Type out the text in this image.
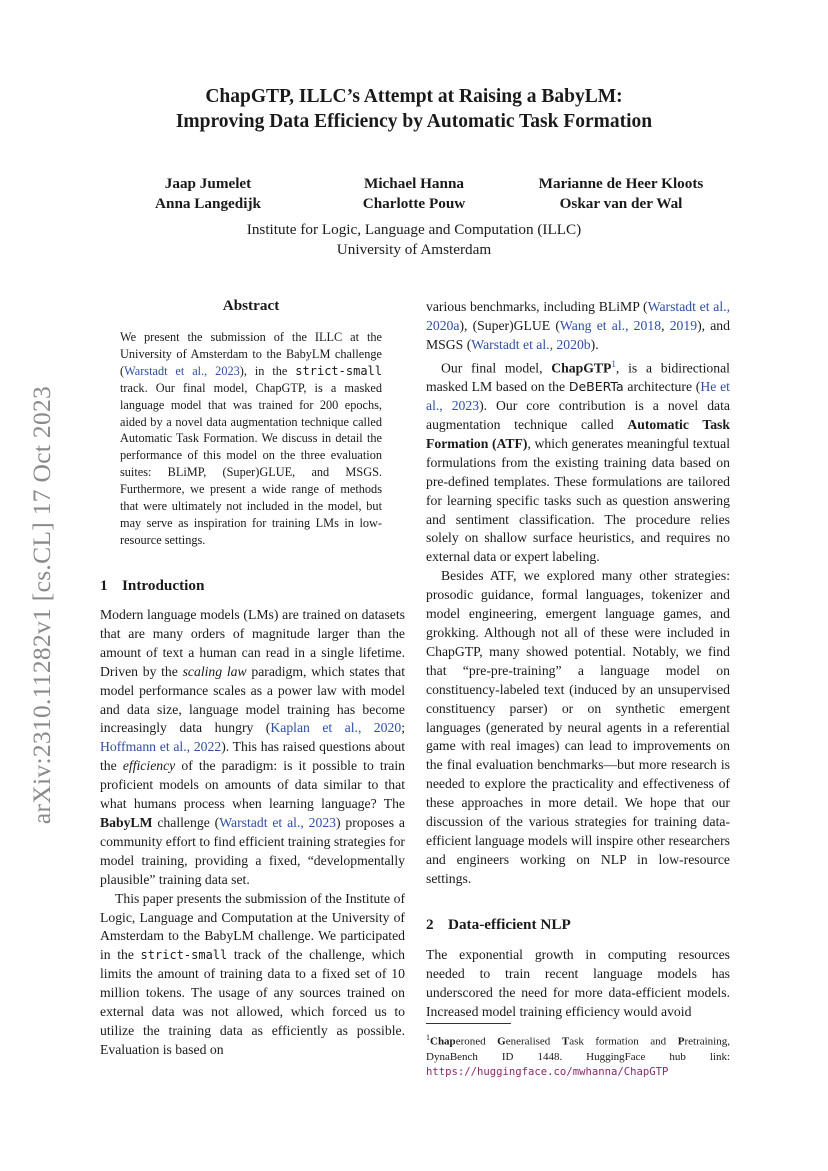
ChapGTP, ILLC’s Attempt at Raising a BabyLM:
Improving Data Efficiency by Automatic Task Formation
Jaap Jumelet
Anna Langedijk
Michael Hanna
Charlotte Pouw
Marianne de Heer Kloots
Oskar van der Wal
Institute for Logic, Language and Computation (ILLC)
University of Amsterdam
arXiv:2310.11282v1 [cs.CL] 17 Oct 2023
Abstract

We present the submission of the ILLC at the University of Amsterdam to the BabyLM challenge (Warstadt et al., 2023), in the strict-small track. Our final model, ChapGTP, is a masked language model that was trained for 200 epochs, aided by a novel data augmentation technique called Automatic Task Formation. We discuss in detail the performance of this model on the three evaluation suites: BLiMP, (Super)GLUE, and MSGS. Furthermore, we present a wide range of methods that were ultimately not included in the model, but may serve as inspiration for training LMs in low-resource settings.

1 Introduction

Modern language models (LMs) are trained on datasets that are many orders of magnitude larger than the amount of text a human can read in a single lifetime. Driven by the scaling law paradigm, which states that model performance scales as a power law with model and data size, language model training has become increasingly data hungry (Kaplan et al., 2020; Hoffmann et al., 2022). This has raised questions about the efficiency of the paradigm: is it possible to train proficient models on amounts of data similar to that what humans process when learning language? The BabyLM challenge (Warstadt et al., 2023) proposes a community effort to find efficient training strategies for model training, providing a fixed, “developmentally plausible” training data set.

This paper presents the submission of the Institute of Logic, Language and Computation at the University of Amsterdam to the BabyLM challenge. We participated in the strict-small track of the challenge, which limits the amount of training data to a fixed set of 10 million tokens. The usage of any sources trained on external data was not allowed, which forced us to utilize the training data as efficiently as possible. Evaluation is based on

various benchmarks, including BLiMP (Warstadt et al., 2020a), (Super)GLUE (Wang et al., 2018, 2019), and MSGS (Warstadt et al., 2020b).

Our final model, ChapGTP$^1$, is a bidirectional masked LM based on the DeBERTa architecture (He et al., 2023). Our core contribution is a novel data augmentation technique called Automatic Task Formation (ATF), which generates meaningful textual formulations from the existing training data based on pre-defined templates. These formulations are tailored for learning specific tasks such as question answering and sentiment classification. The procedure relies solely on shallow surface heuristics, and requires no external data or expert labeling.

Besides ATF, we explored many other strategies: prosodic guidance, formal languages, tokenizer and model engineering, emergent language games, and grokking. Although not all of these were included in ChapGTP, many showed potential. Notably, we find that “pre-pre-training” a language model on constituency-labeled text (induced by an unsupervised constituency parser) or on synthetic emergent languages (generated by neural agents in a referential game with real images) can lead to improvements on the final evaluation benchmarks—but more research is needed to explore the practicality and effectiveness of these approaches in more detail. We hope that our discussion of the various strategies for training data-efficient language models will inspire other researchers and engineers working on NLP in low-resource settings.

2 Data-efficient NLP

The exponential growth in computing resources needed to train recent language models has underscored the need for more data-efficient models. Increased model training efficiency would avoid

$^1$Chaperoned Generalised Task formation and Pretraining, DynaBench ID 1448. HuggingFace hub link: https://huggingface.co/mwhanna/ChapGTP
